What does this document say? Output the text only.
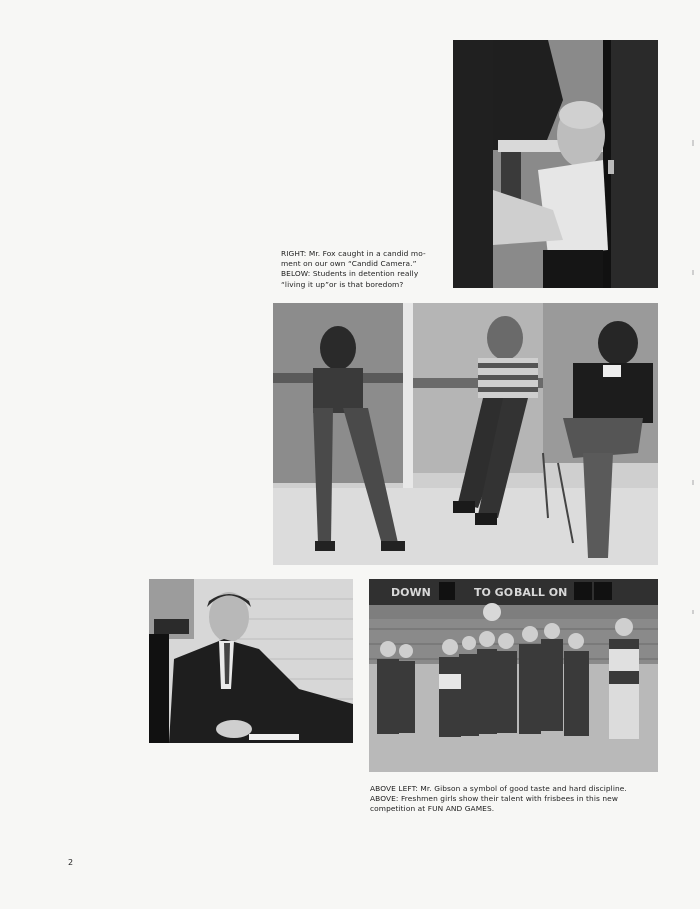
RIGHT: Mr. Fox caught in a candid mo-
ment on our own “Candid Camera.”
BELOW: Students in detention really
“living it up”or is that boredom?
DOWN	TO GO BALL ON
ABOVE LEFT: Mr. Gibson a symbol of good taste and hard discipline.
ABOVE: Freshmen girls show their talent with frisbees in this new
competition at FUN AND GAMES.
2
